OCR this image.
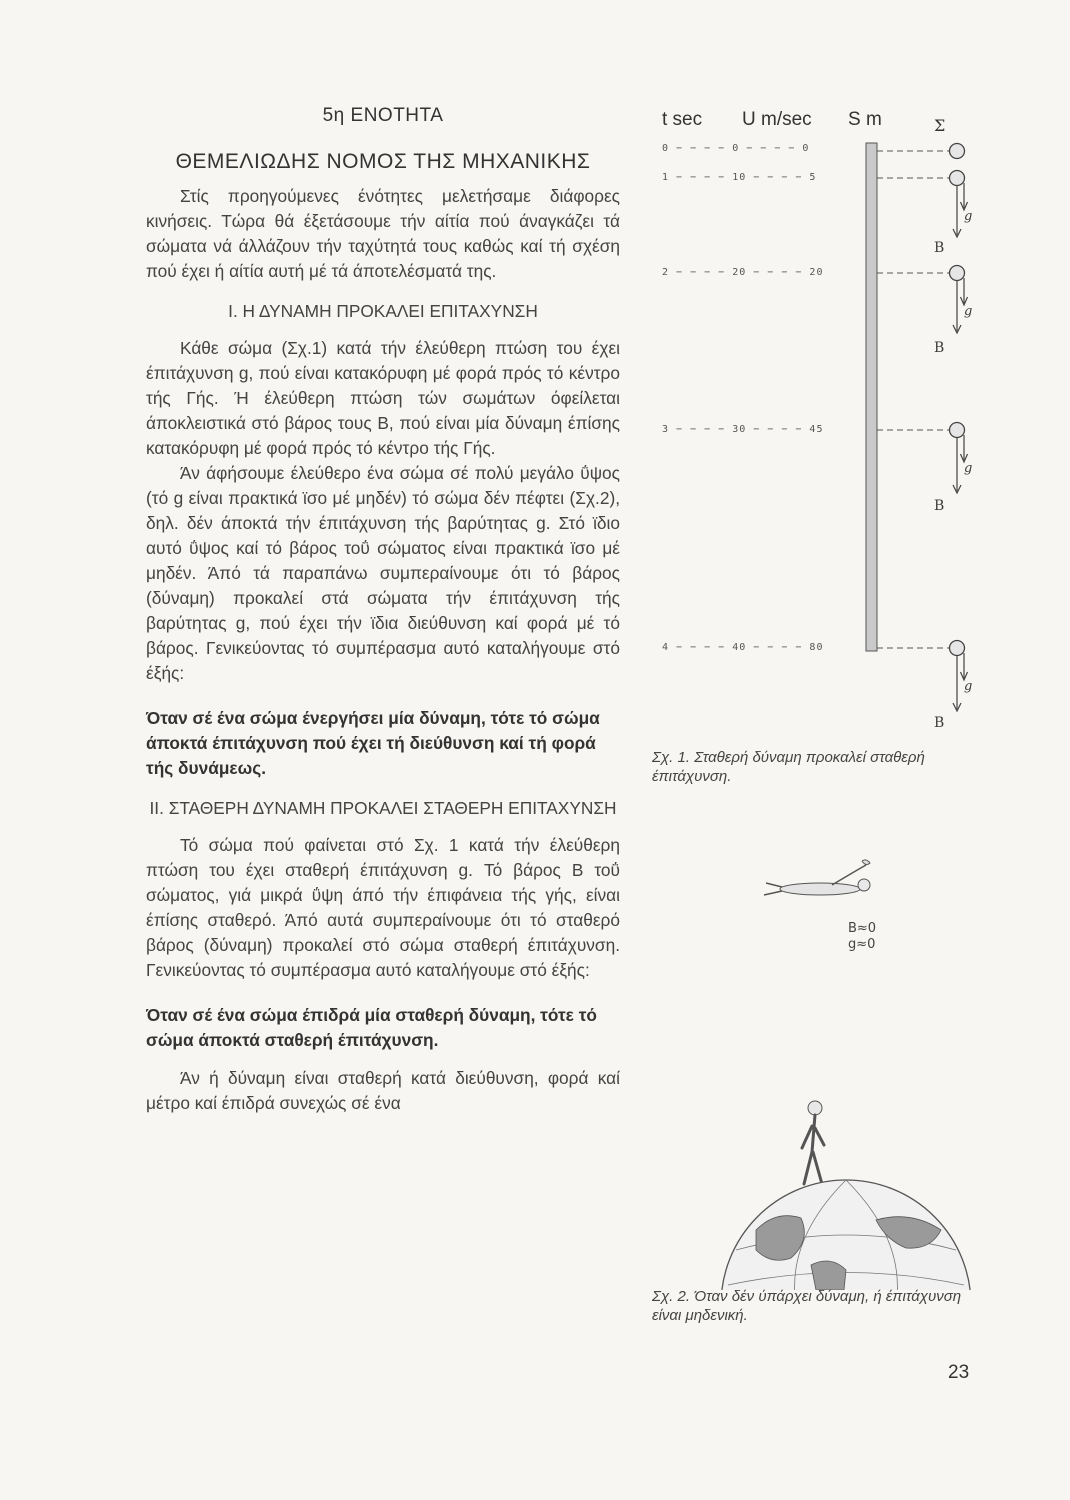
5η ΕΝΟΤΗΤΑ
ΘΕΜΕΛΙΩΔΗΣ ΝΟΜΟΣ ΤΗΣ ΜΗΧΑΝΙΚΗΣ

Στίς προηγούμενες ένότητες μελετήσαμε διάφορες κινήσεις. Τώρα θά έξετάσουμε τήν αίτία πού άναγκάζει τά σώματα νά άλλάζουν τήν ταχύτητά τους καθώς καί τή σχέση πού έχει ή αίτία αυτή μέ τά άποτελέσματά της.

Ι. Η ΔΥΝΑΜΗ ΠΡΟΚΑΛΕΙ ΕΠΙΤΑΧΥΝΣΗ

Κάθε σώμα (Σχ.1) κατά τήν έλεύθερη πτώση του έχει έπιτάχυνση g, πού είναι κατακόρυφη μέ φορά πρός τό κέντρο τής Γής. Ή έλεύθερη πτώση τών σωμάτων όφείλεται άποκλειστικά στό βάρος τους Β, πού είναι μία δύναμη έπίσης κατακόρυφη μέ φορά πρός τό κέντρο τής Γής.

Άν άφήσουμε έλεύθερο ένα σώμα σέ πολύ μεγάλο ΰψος (τό g είναι πρακτικά ϊσο μέ μηδέν) τό σώμα δέν πέφτει (Σχ.2), δηλ. δέν άποκτά τήν έπιτάχυνση τής βαρύτητας g. Στό ϊδιο αυτό ΰψος καί τό βάρος τοΰ σώματος είναι πρακτικά ϊσο μέ μηδέν. Άπό τά παραπάνω συμπεραίνουμε ότι τό βάρος (δύναμη) προκαλεί στά σώματα τήν έπιτάχυνση τής βαρύτητας g, πού έχει τήν ϊδια διεύθυνση καί φορά μέ τό βάρος. Γενικεύοντας τό συμπέρασμα αυτό καταλήγουμε στό έξής:

Όταν σέ ένα σώμα ένεργήσει μία δύναμη, τότε τό σώμα άποκτά έπιτάχυνση πού έχει τή διεύθυνση καί τή φορά τής δυνάμεως.

ΙΙ. ΣΤΑΘΕΡΗ ΔΥΝΑΜΗ ΠΡΟΚΑΛΕΙ ΣΤΑΘΕΡΗ ΕΠΙΤΑΧΥΝΣΗ

Τό σώμα πού φαίνεται στό Σχ. 1 κατά τήν έλεύθερη πτώση του έχει σταθερή έπιτάχυνση g. Τό βάρος Β τοΰ σώματος, γιά μικρά ΰψη άπό τήν έπιφάνεια τής γής, είναι έπίσης σταθερό. Άπό αυτά συμπεραίνουμε ότι τό σταθερό βάρος (δύναμη) προκαλεί στό σώμα σταθερή έπιτάχυνση. Γενικεύοντας τό συμπέρασμα αυτό καταλήγουμε στό έξής:

Όταν σέ ένα σώμα έπιδρά μία σταθερή δύναμη, τότε τό σώμα άποκτά σταθερή έπιτάχυνση.

Άν ή δύναμη είναι σταθερή κατά διεύθυνση, φορά καί μέτρο καί έπιδρά συνεχώς σέ ένα

t sec U m/sec S m	Σ
0 − − − − 0 − − − − 0
1 − − − − 10 − − − − 5
2 − − − − 20 − − − − 20
3 − − − − 30 − − − − 45
4 − − − − 40 − − − − 80
g
B
g
B
g
B
g
B
Σχ. 1. Σταθερή δύναμη προκαλεί σταθερή έπιτάχυνση.
B≈0
g≈0
Σχ. 2. Όταν δέν ύπάρχει δύναμη, ή έπιτάχυνση είναι μηδενική.
23
